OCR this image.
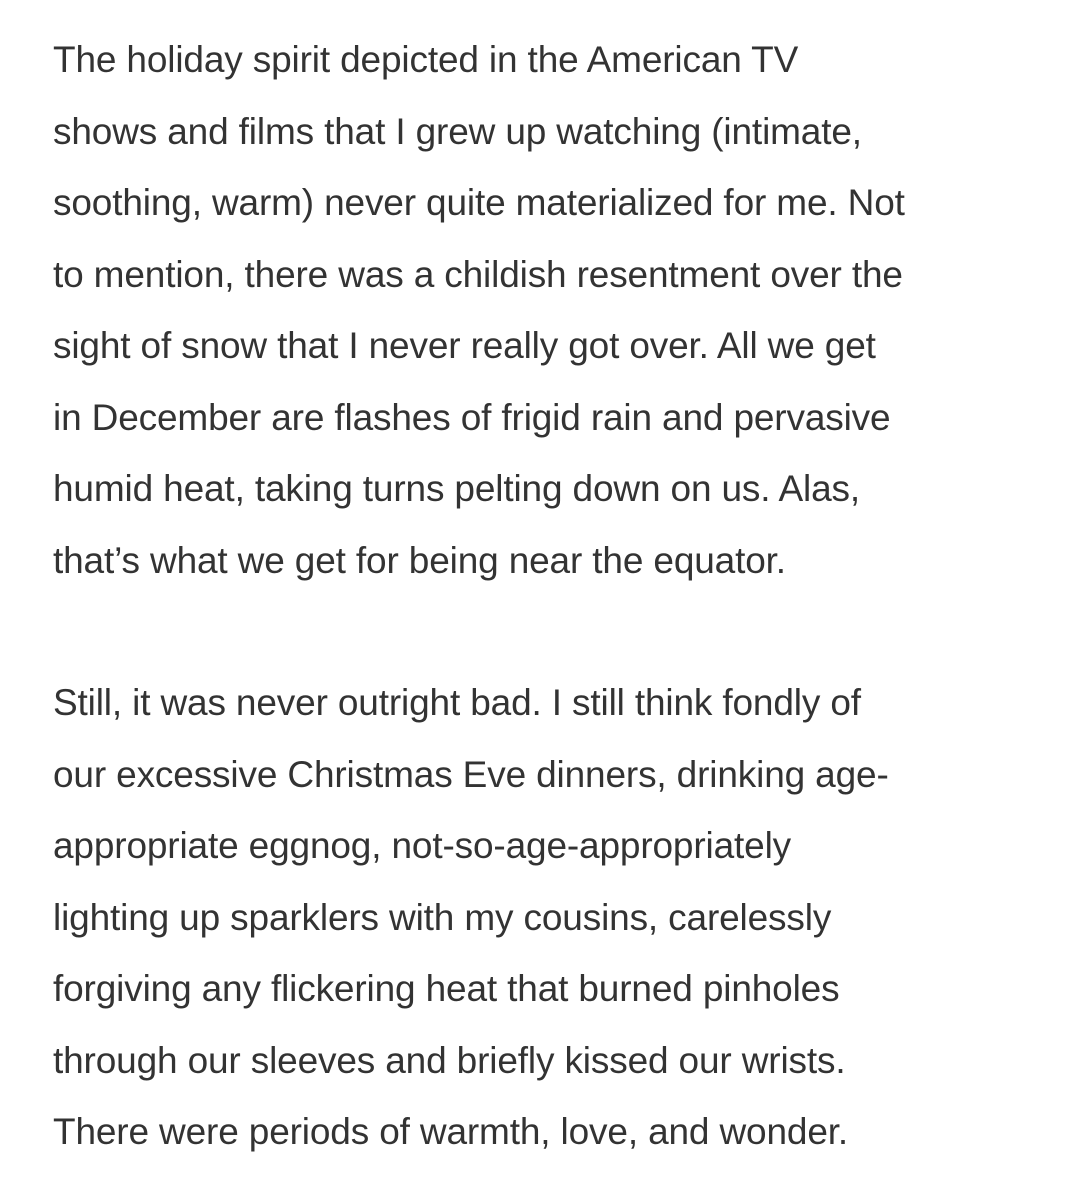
The holiday spirit depicted in the American TV
shows and films that I grew up watching (intimate,
soothing, warm) never quite materialized for me. Not
to mention, there was a childish resentment over the
sight of snow that I never really got over. All we get
in December are flashes of frigid rain and pervasive
humid heat, taking turns pelting down on us. Alas,
that’s what we get for being near the equator.

Still, it was never outright bad. I still think fondly of
our excessive Christmas Eve dinners, drinking age-
appropriate eggnog, not-so-age-appropriately
lighting up sparklers with my cousins, carelessly
forgiving any flickering heat that burned pinholes
through our sleeves and briefly kissed our wrists.
There were periods of warmth, love, and wonder.
